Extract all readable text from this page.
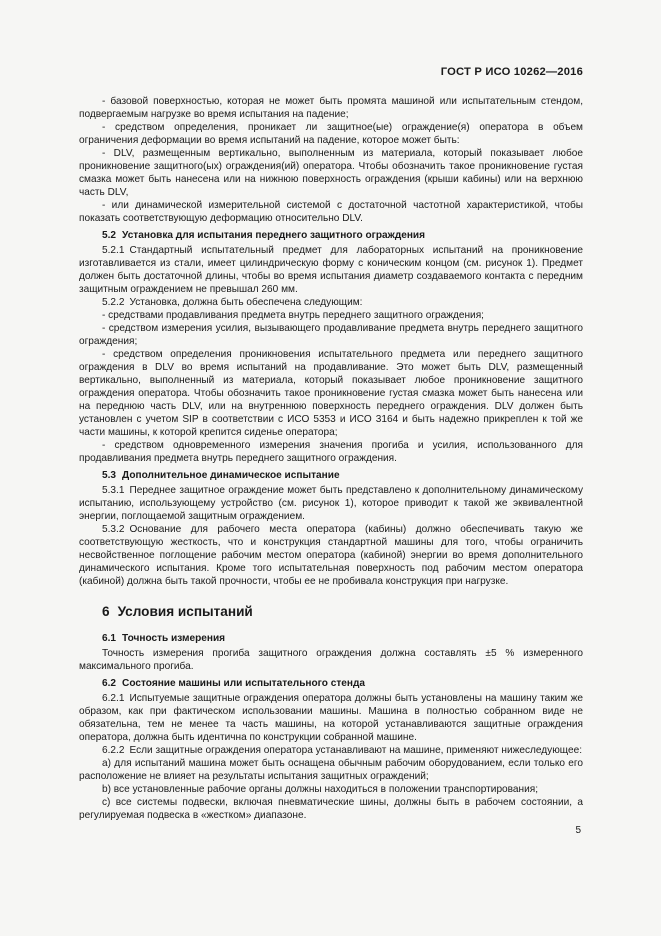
ГОСТ Р ИСО 10262—2016

- базовой поверхностью, которая не может быть промята машиной или испытательным стендом, подвергаемым нагрузке во время испытания на падение;

- средством определения, проникает ли защитное(ые) ограждение(я) оператора в объем ограничения деформации во время испытаний на падение, которое может быть:

- DLV, размещенным вертикально, выполненным из материала, который показывает любое проникновение защитного(ых) ограждения(ий) оператора. Чтобы обозначить такое проникновение густая смазка может быть нанесена или на нижнюю поверхность ограждения (крыши кабины) или на верхнюю часть DLV,

- или динамической измерительной системой с достаточной частотной характеристикой, чтобы показать соответствующую деформацию относительно DLV.

5.2 Установка для испытания переднего защитного ограждения

5.2.1 Стандартный испытательный предмет для лабораторных испытаний на проникновение изготавливается из стали, имеет цилиндрическую форму с коническим концом (см. рисунок 1). Предмет должен быть достаточной длины, чтобы во время испытания диаметр создаваемого контакта с передним защитным ограждением не превышал 260 мм.

5.2.2 Установка, должна быть обеспечена следующим:

- средствами продавливания предмета внутрь переднего защитного ограждения;

- средством измерения усилия, вызывающего продавливание предмета внутрь переднего защитного ограждения;

- средством определения проникновения испытательного предмета или переднего защитного ограждения в DLV во время испытаний на продавливание. Это может быть DLV, размещенный вертикально, выполненный из материала, который показывает любое проникновение защитного ограждения оператора. Чтобы обозначить такое проникновение густая смазка может быть нанесена или на переднюю часть DLV, или на внутреннюю поверхность переднего ограждения. DLV должен быть установлен с учетом SIP в соответствии с ИСО 5353 и ИСО 3164 и быть надежно прикреплен к той же части машины, к которой крепится сиденье оператора;

- средством одновременного измерения значения прогиба и усилия, использованного для продавливания предмета внутрь переднего защитного ограждения.

5.3 Дополнительное динамическое испытание

5.3.1 Переднее защитное ограждение может быть представлено к дополнительному динамическому испытанию, использующему устройство (см. рисунок 1), которое приводит к такой же эквивалентной энергии, поглощаемой защитным ограждением.

5.3.2 Основание для рабочего места оператора (кабины) должно обеспечивать такую же соответствующую жесткость, что и конструкция стандартной машины для того, чтобы ограничить несвойственное поглощение рабочим местом оператора (кабиной) энергии во время дополнительного динамического испытания. Кроме того испытательная поверхность под рабочим местом оператора (кабиной) должна быть такой прочности, чтобы ее не пробивала конструкция при нагрузке.

6 Условия испытаний

6.1 Точность измерения

Точность измерения прогиба защитного ограждения должна составлять ±5 % измеренного максимального прогиба.

6.2 Состояние машины или испытательного стенда

6.2.1 Испытуемые защитные ограждения оператора должны быть установлены на машину таким же образом, как при фактическом использовании машины. Машина в полностью собранном виде не обязательна, тем не менее та часть машины, на которой устанавливаются защитные ограждения оператора, должна быть идентична по конструкции собранной машине.

6.2.2 Если защитные ограждения оператора устанавливают на машине, применяют нижеследующее:

a) для испытаний машина может быть оснащена обычным рабочим оборудованием, если только его расположение не влияет на результаты испытания защитных ограждений;

b) все установленные рабочие органы должны находиться в положении транспортирования;

c) все системы подвески, включая пневматические шины, должны быть в рабочем состоянии, а регулируемая подвеска в «жестком» диапазоне.

5
